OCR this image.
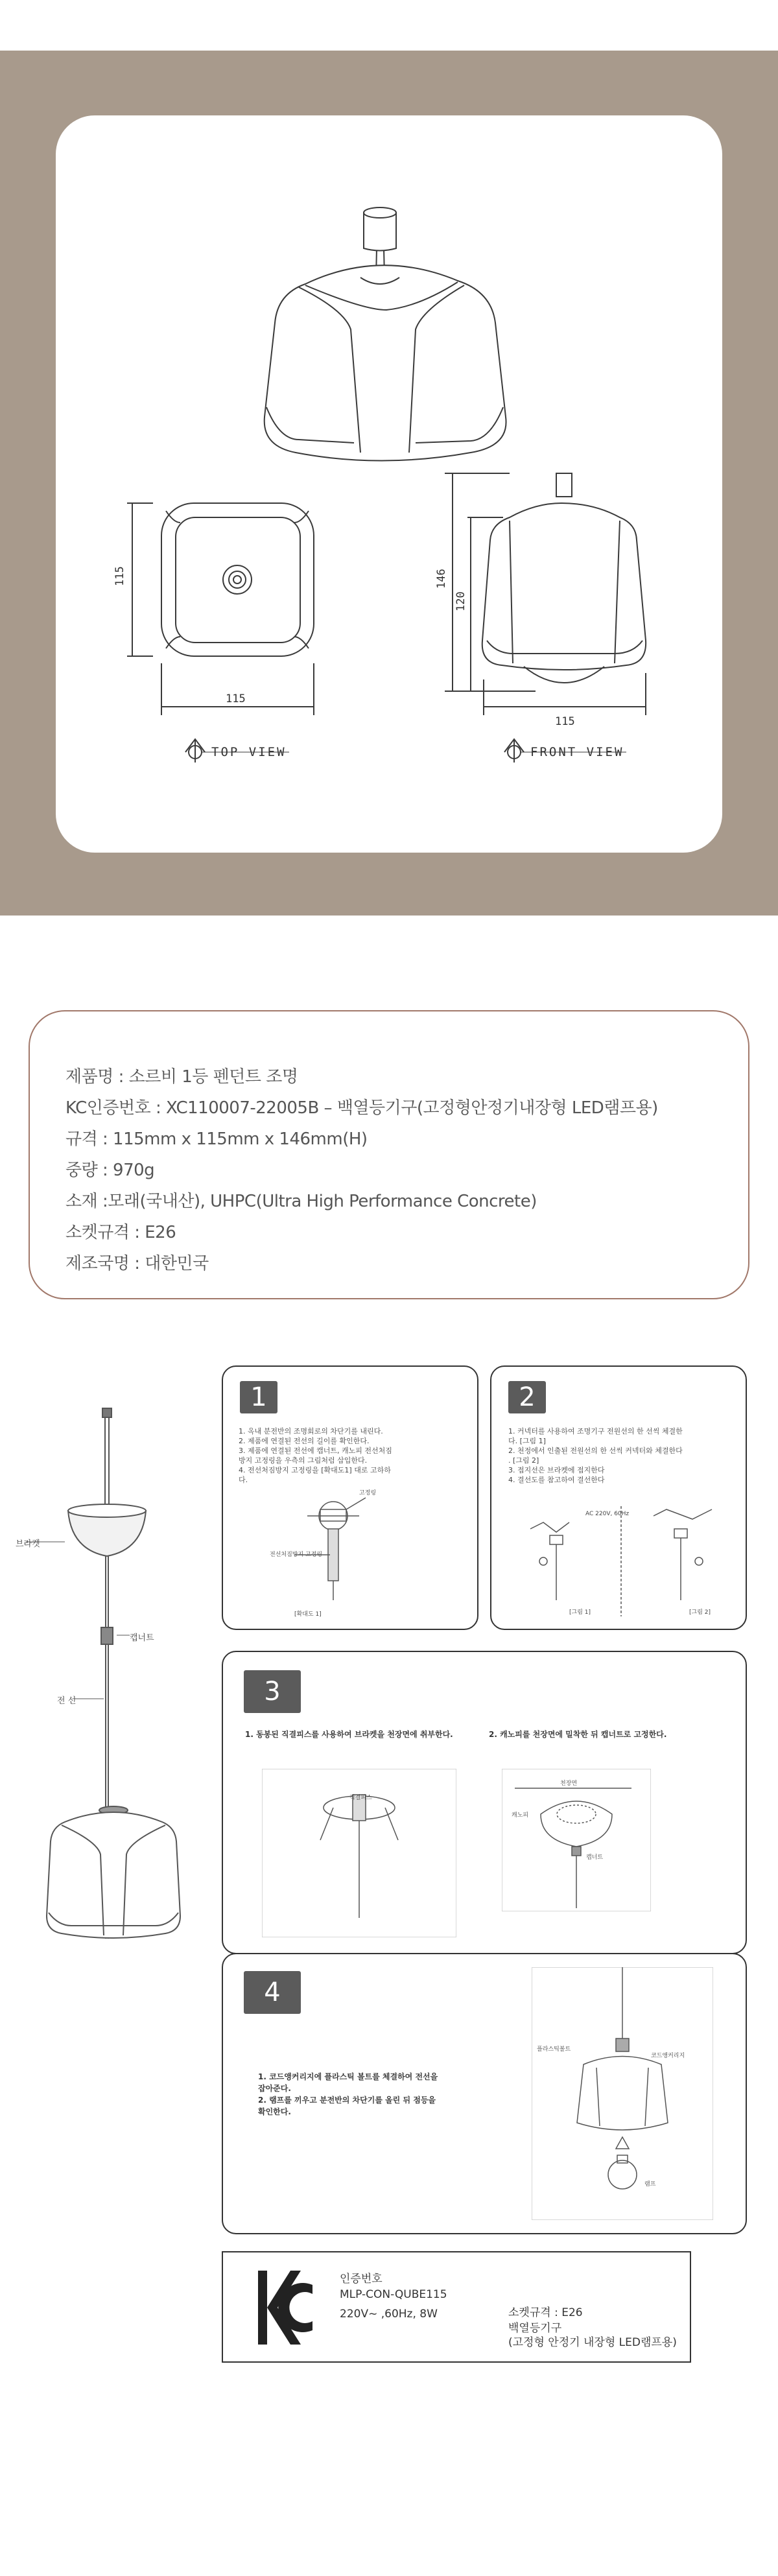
115
115	146
120
115
TOP VIEW	FRONT VIEW
제품명 : 소르비 1등 펜던트 조명
KC인증번호 : XC110007-22005B – 백열등기구(고정형안정기내장형 LED램프용)
규격 : 115mm x 115mm x 146mm(H)
중량 : 970g
소재 :모래(국내산), UHPC(Ultra High Performance Concrete)
소켓규격 : E26
제조국명 : 대한민국
브라켓
캡너트
전 선
1
1. 옥내 분전반의 조명회로의 차단기를 내린다.
2. 제품에 연결된 전선의 길이를 확인한다.
3. 제품에 연결된 전선에 캡너트, 캐노피 전선처짐
방지 고정링을 우측의 그림처럼 삽입한다.
4. 전선처짐방지 고정링을 [확대도1] 대로 고하하
다.
고정링
전선처짐방지 고정링
[확대도 1]
2
1. 커넥터를 사용하여 조명기구 전원선의 한 선씩 체결한
다. [그림 1]
2. 천정에서 인출된 전원선의 한 선씩 커넥터와 체결한다
. [그림 2]
3. 접지선은 브라켓에 접지한다
4. 결선도를 참고하여 결선한다
AC 220V, 60Hz
[그림 1]	[그림 2]
3
1. 동봉된 직결피스를 사용하여 브라켓을 천장면에 취부한다.	2. 캐노피를 천장면에 밀착한 뒤 캡너트로 고정한다.
직결피스
천장면
캐노피
캡너트
4
1. 코드앵커리지에 플라스틱 볼트를 체결하여 전선을
잡아준다.
2. 램프를 끼우고 분전반의 차단기를 올린 뒤 점등을
확인한다.
플라스틱볼트
코드앵커리지
램프
인증번호
MLP-CON-QUBE115
220V~ ,60Hz, 8W	소켓규격 : E26
백열등기구
(고정형 안정기 내장형 LED램프용)
